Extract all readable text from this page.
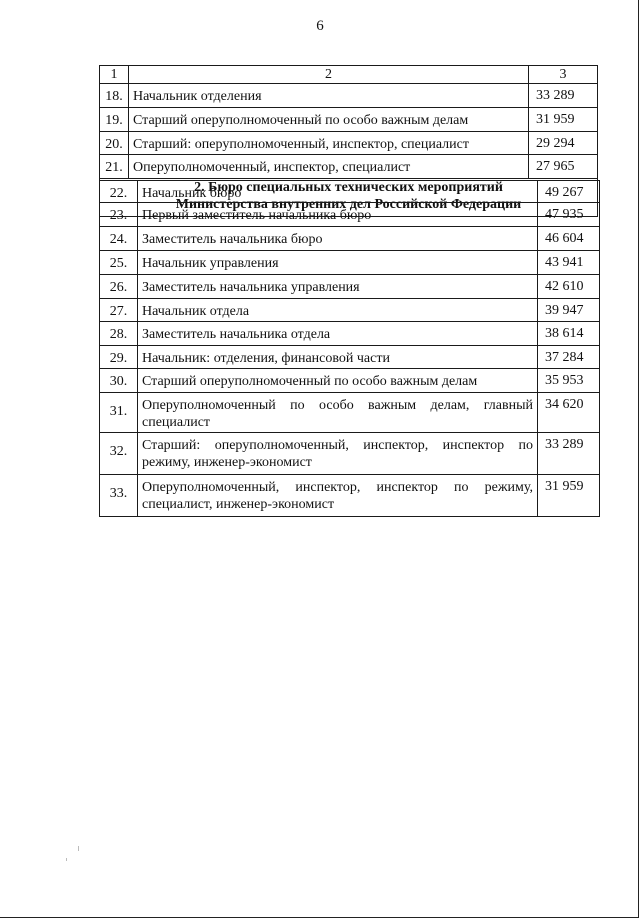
6
1	2	3
18.	Начальник отделения	33 289
19.	Старший оперуполномоченный по особо важным делам	31 959
20.	Старший: оперуполномоченный, инспектор, специалист	29 294
21.	Оперуполномоченный, инспектор, специалист	27 965

2. Бюро специальных технических мероприятий
Министерства внутренних дел Российской Федерации		
22.	Начальник бюро	49 267
23.	Первый заместитель начальника бюро	47 935
24.	Заместитель начальника бюро	46 604
25.	Начальник управления	43 941
26.	Заместитель начальника управления	42 610
27.	Начальник отдела	39 947
28.	Заместитель начальника отдела	38 614
29.	Начальник: отделения, финансовой части	37 284
30.	Старший оперуполномоченный по особо важным делам	35 953
31.	Оперуполномоченный по особо важным делам, главный
специалист	34 620
32.	Старший: оперуполномоченный, инспектор, инспектор по
режиму, инженер-экономист	33 289
33.	Оперуполномоченный, инспектор, инспектор по режиму,
специалист, инженер-экономист	31 959
